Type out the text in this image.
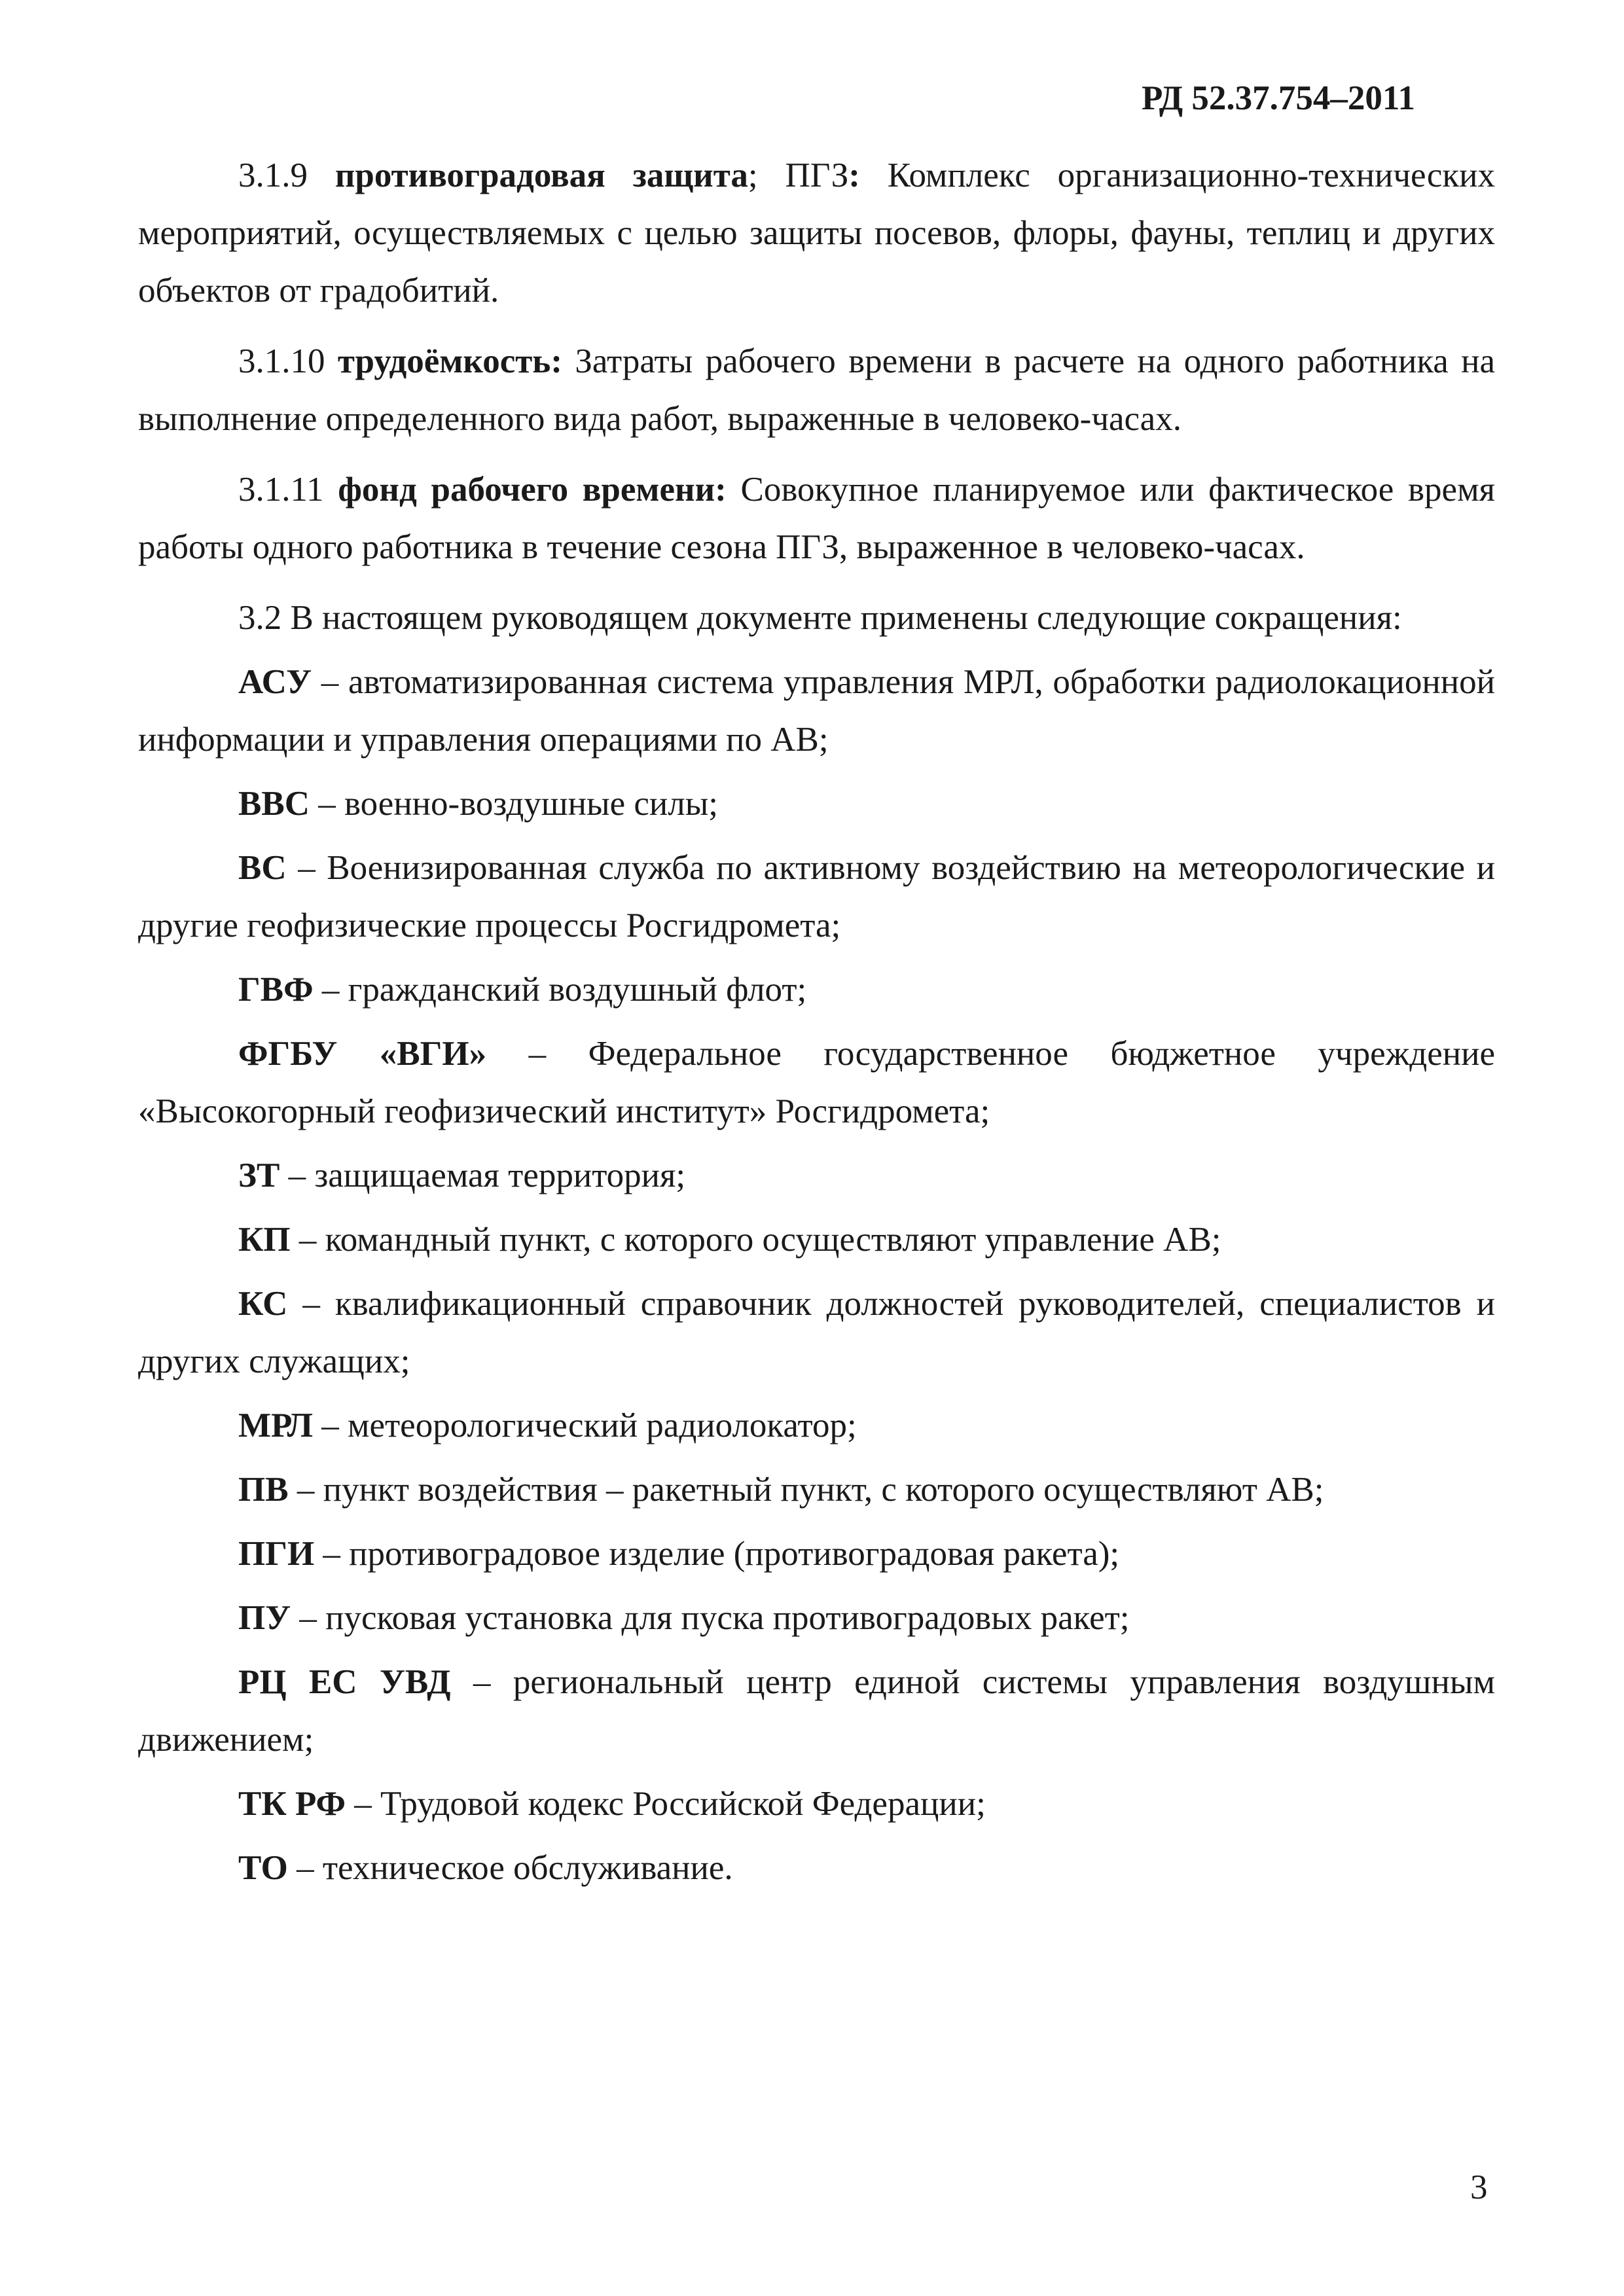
РД 52.37.754–2011

3.1.9 противоградовая защита; ПГЗ: Комплекс организационно-технических мероприятий, осуществляемых с целью защиты посевов, флоры, фауны, теплиц и других объектов от градобитий.

3.1.10 трудоёмкость: Затраты рабочего времени в расчете на одного работника на выполнение определенного вида работ, выраженные в человеко-часах.

3.1.11 фонд рабочего времени: Совокупное планируемое или фактическое время работы одного работника в течение сезона ПГЗ, выраженное в человеко-часах.

3.2 В настоящем руководящем документе применены следующие сокращения:

АСУ – автоматизированная система управления МРЛ, обработки радиолокационной информации и управления операциями по АВ;

ВВС – военно-воздушные силы;

ВС – Военизированная служба по активному воздействию на метеорологические и другие геофизические процессы Росгидромета;

ГВФ – гражданский воздушный флот;

ФГБУ «ВГИ» – Федеральное государственное бюджетное учреждение «Высокогорный геофизический институт» Росгидромета;

ЗТ – защищаемая территория;

КП – командный пункт, с которого осуществляют управление АВ;

КС – квалификационный справочник должностей руководителей, специалистов и других служащих;

МРЛ – метеорологический радиолокатор;

ПВ – пункт воздействия – ракетный пункт, с которого осуществляют АВ;

ПГИ – противоградовое изделие (противоградовая ракета);

ПУ – пусковая установка для пуска противоградовых ракет;

РЦ ЕС УВД – региональный центр единой системы управления воздушным движением;

ТК РФ – Трудовой кодекс Российской Федерации;

ТО – техническое обслуживание.

3
